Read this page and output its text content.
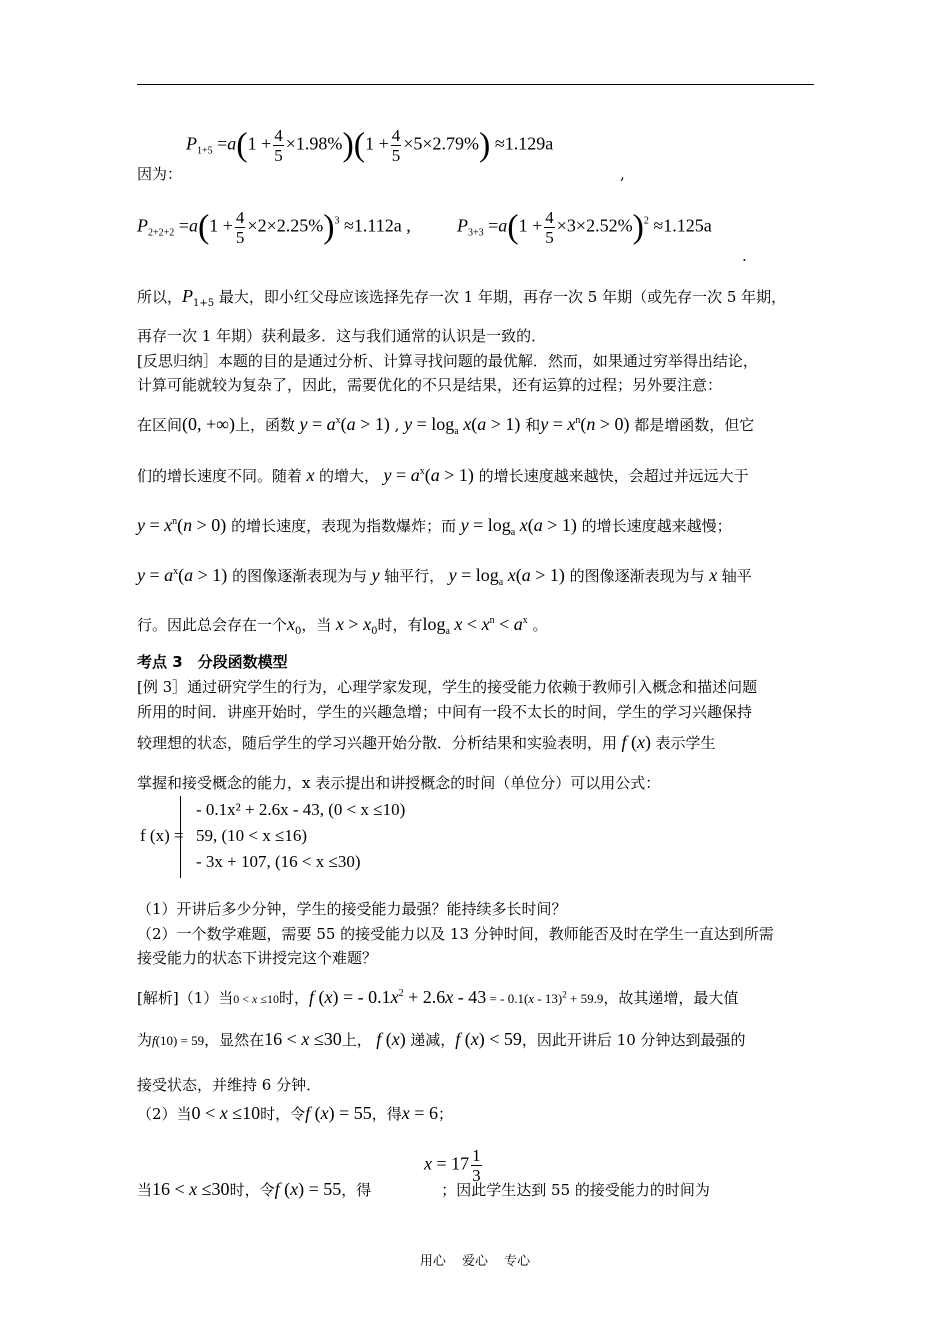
$P_{1+5} =a(1 + \frac{4}{5} \times 1.98\%)(1 + \frac{4}{5} \times 5\times 2.79\%) \approx 1.129a$
因为：	,
$P_{2+2+2} =a(1 + \frac{4}{5} \times 2\times 2.25\%)^3 \approx 1.112a$ ,	$P_{3+3} =a(1 + \frac{4}{5} \times 3\times 2.52\%)^2 \approx 1.125a$
.
所以，$P_{1+5}$ 最大，即小红父母应该选择先存一次 1 年期，再存一次 5 年期（或先存一次 5 年期，
再存一次 1 年期）获利最多．这与我们通常的认识是一致的．
[反思归纳］本题的目的是通过分析、计算寻找问题的最优解．然而，如果通过穷举得出结论，
计算可能就较为复杂了，因此，需要优化的不只是结果，还有运算的过程；另外要注意：
在区间(0, +∞)上，函数 $y = a^x(a > 1)$ , $y = \log_a x(a > 1)$ 和$y = x^n(n > 0)$ 都是增函数，但它
们的增长速度不同。随着 x 的增大， $y = a^x(a > 1)$ 的增长速度越来越快，会超过并远远大于
$y = x^n(n > 0)$ 的增长速度，表现为指数爆炸；而 $y = \log_a x(a > 1)$ 的增长速度越来越慢；
$y = a^x(a > 1)$ 的图像逐渐表现为与 y 轴平行， $y = \log_a x(a > 1)$ 的图像逐渐表现为与 x 轴平
行。因此总会存在一个$x_0$，当 $x > x_0$时，有$\log_a x < x^n < a^x$ 。
考点 3　分段函数模型
[例 3］通过研究学生的行为，心理学家发现，学生的接受能力依赖于教师引入概念和描述问题
所用的时间．讲座开始时，学生的兴趣急增；中间有一段不太长的时间，学生的学习兴趣保持
较理想的状态，随后学生的学习兴趣开始分散．分析结果和实验表明，用 f (x) 表示学生
掌握和接受概念的能力，x 表示提出和讲授概念的时间（单位分）可以用公式：
f (x) =
- 0.1x² + 2.6x - 43, (0 < x ≤10)
59, (10 < x ≤16)
- 3x + 107, (16 < x ≤30)
（1）开讲后多少分钟，学生的接受能力最强？能持续多长时间？
（2）一个数学难题，需要 55 的接受能力以及 13 分钟时间，教师能否及时在学生一直达到所需
接受能力的状态下讲授完这个难题？
[解析]（1）当0 < x ≤10时，f (x) = - $0.1x^2 + 2.6x - 43$ = - 0.1(x - 13)$^2$ + 59.9，故其递增，最大值
为f(10) = 59，显然在16 < x ≤30上， f (x) 递减，f (x) < 59，因此开讲后 10 分钟达到最强的
接受状态，并维持 6 分钟．
（2）当0 < x ≤10时，令f (x) = 55，得x = 6；
$x = 17 \frac{1}{3}$
当16 < x ≤30时，令f (x) = 55，得	；因此学生达到 55 的接受能力的时间为
用心 爱心 专心
